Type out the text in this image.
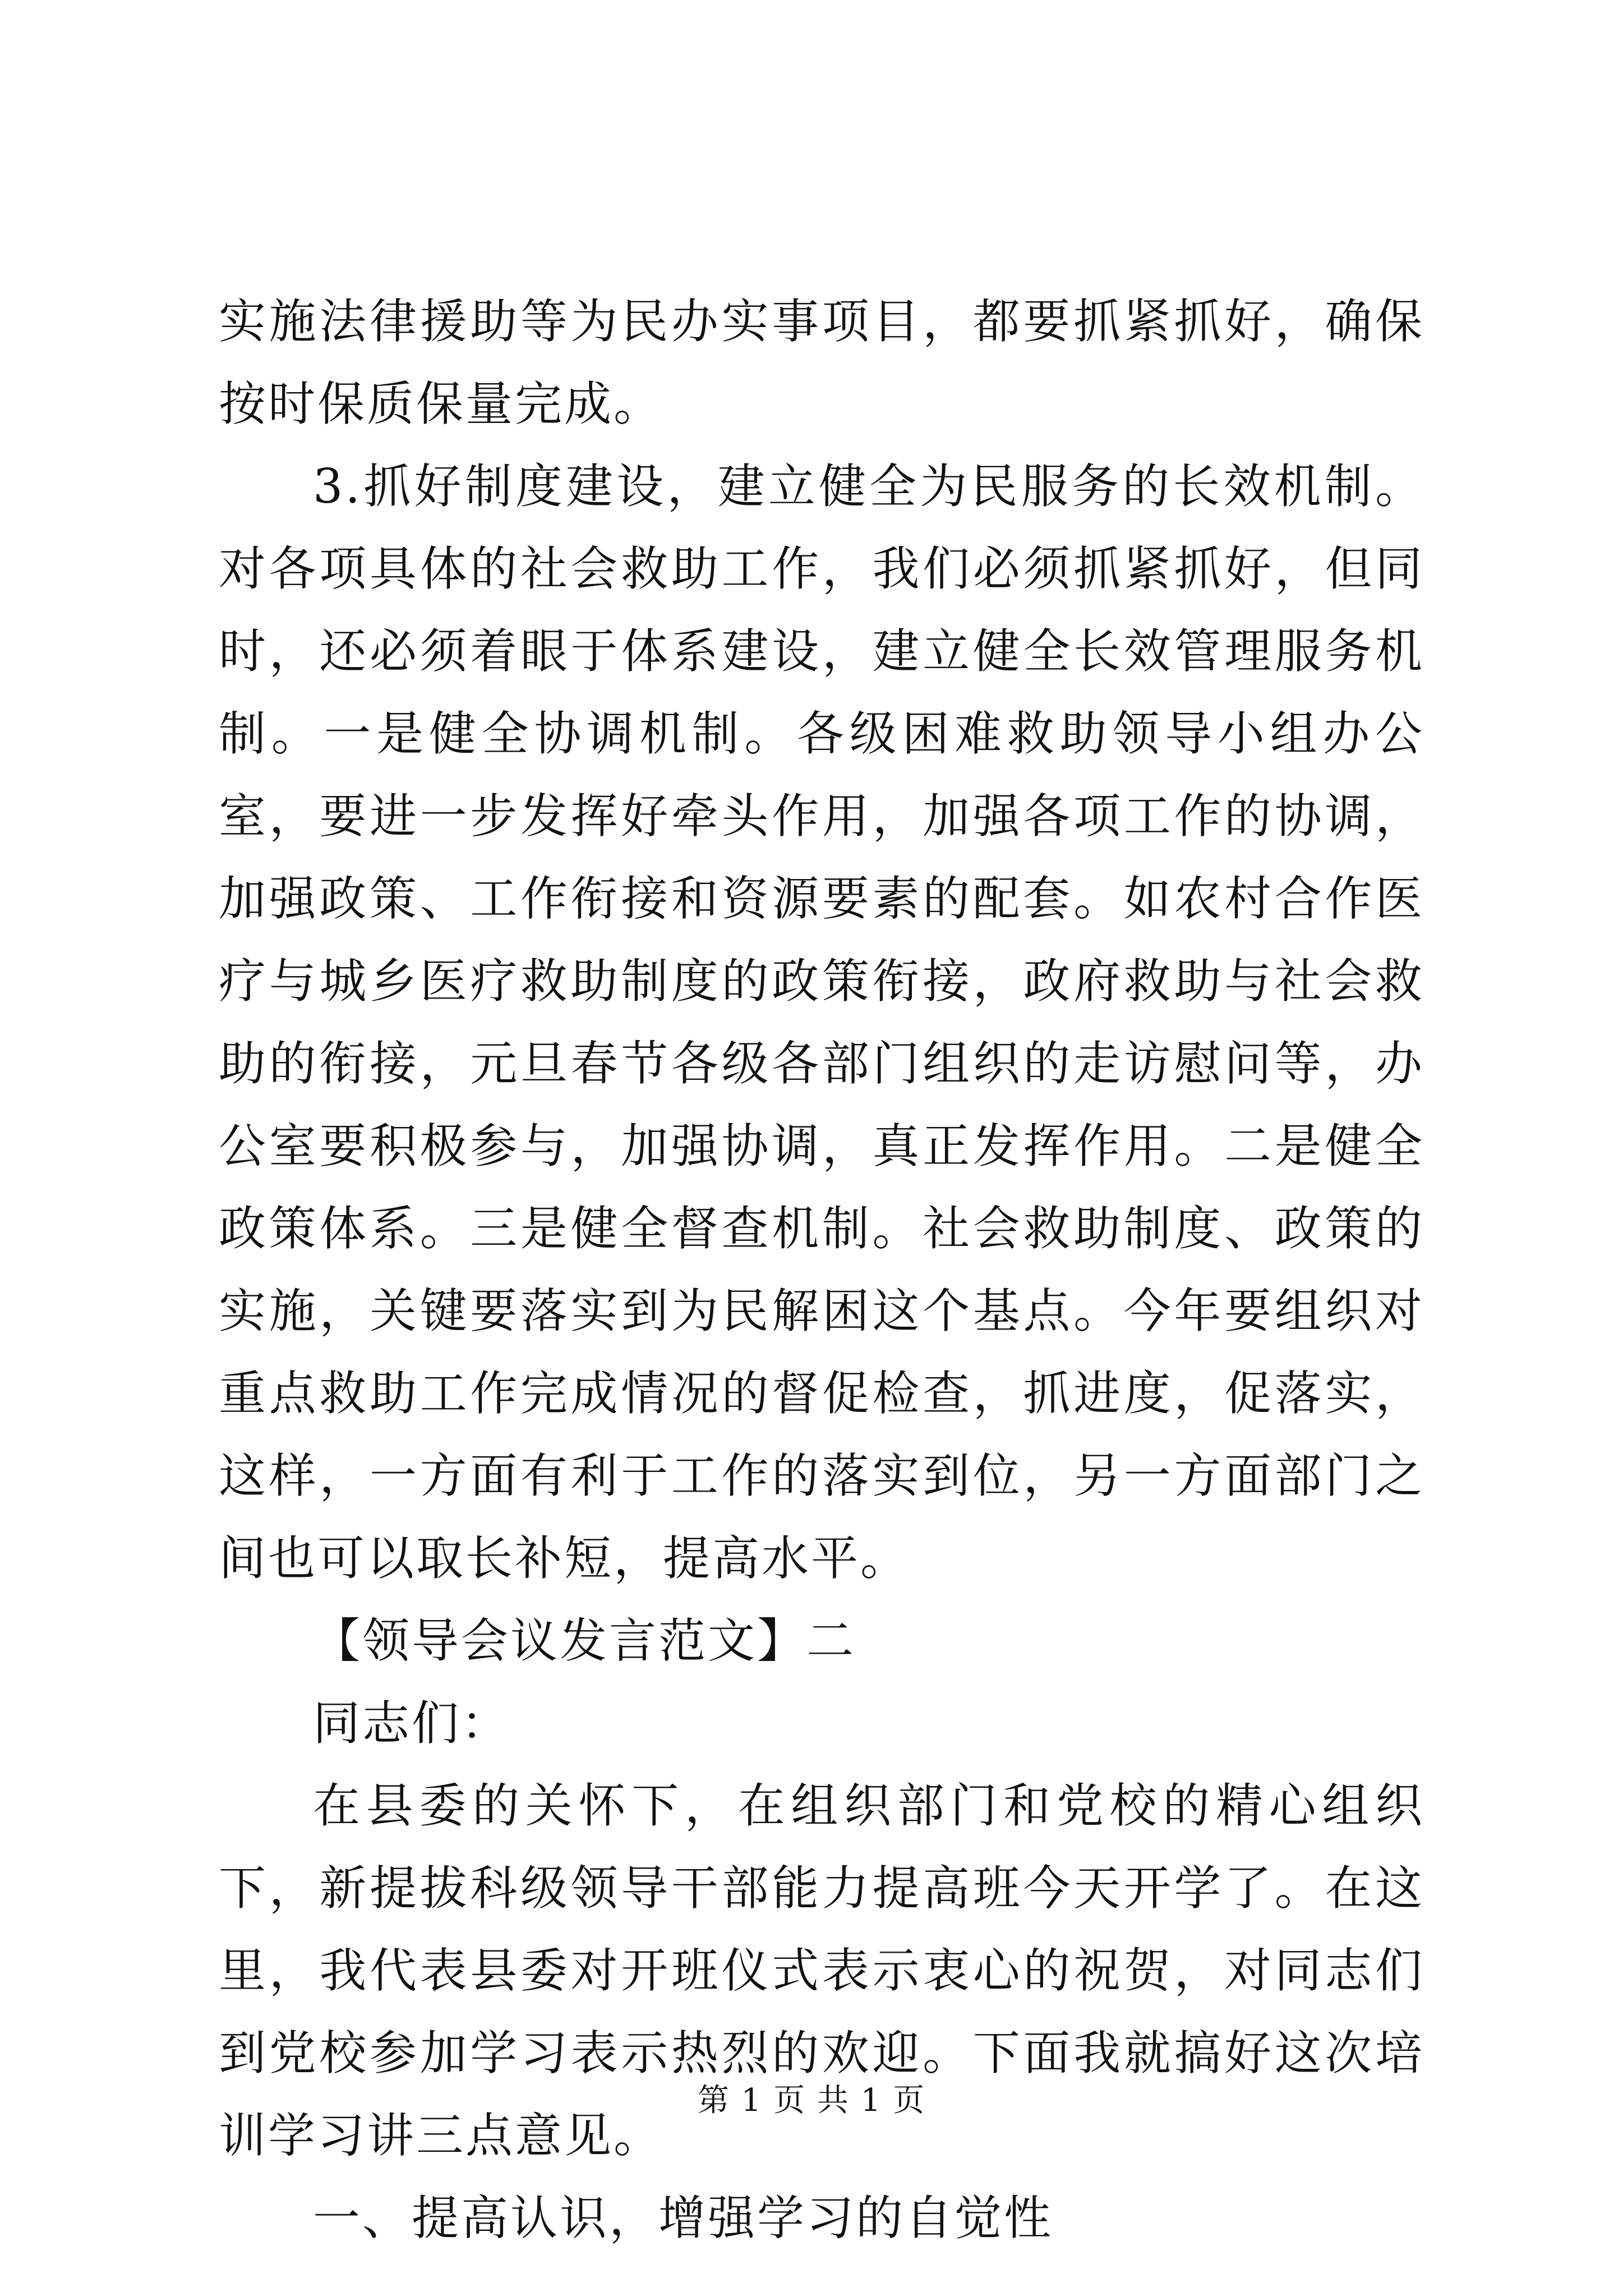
实施法律援助等为民办实事项目，都要抓紧抓好，确保按时保质保量完成。

3.抓好制度建设，建立健全为民服务的长效机制。对各项具体的社会救助工作，我们必须抓紧抓好，但同时，还必须着眼于体系建设，建立健全长效管理服务机制。一是健全协调机制。各级困难救助领导小组办公室，要进一步发挥好牵头作用，加强各项工作的协调，加强政策、工作衔接和资源要素的配套。如农村合作医疗与城乡医疗救助制度的政策衔接，政府救助与社会救助的衔接，元旦春节各级各部门组织的走访慰问等，办公室要积极参与，加强协调，真正发挥作用。二是健全政策体系。三是健全督查机制。社会救助制度、政策的实施，关键要落实到为民解困这个基点。今年要组织对重点救助工作完成情况的督促检查，抓进度，促落实，这样，一方面有利于工作的落实到位，另一方面部门之间也可以取长补短，提高水平。

【领导会议发言范文】二

同志们：

在县委的关怀下，在组织部门和党校的精心组织下，新提拔科级领导干部能力提高班今天开学了。在这里，我代表县委对开班仪式表示衷心的祝贺，对同志们到党校参加学习表示热烈的欢迎。下面我就搞好这次培训学习讲三点意见。

一、提高认识，增强学习的自觉性

第 1 页 共 1 页
